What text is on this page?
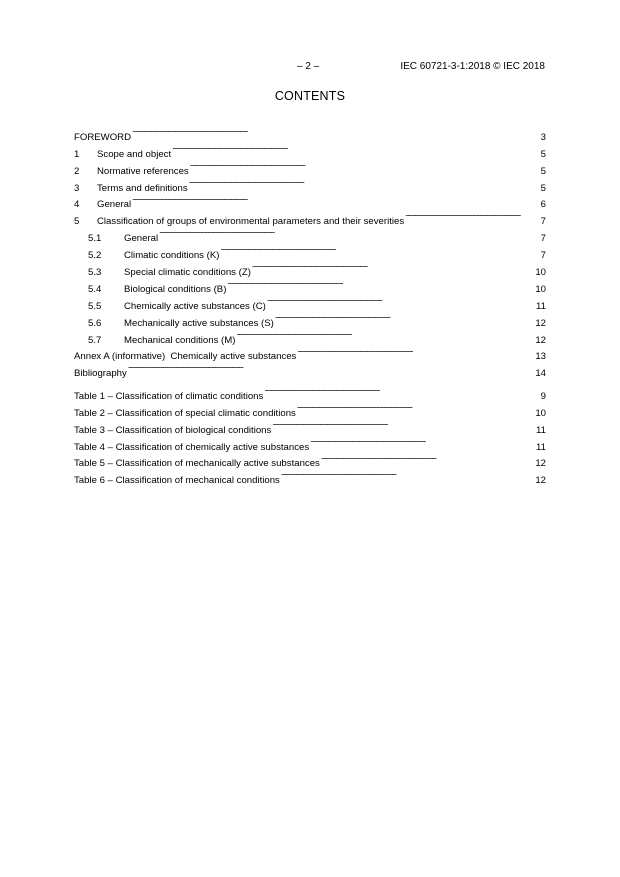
– 2 –	IEC 60721-3-1:2018 © IEC 2018
CONTENTS
FOREWORD . . .	3
1	Scope and object . . .	5
2	Normative references . . .	5
3	Terms and definitions . . .	5
4	General . . .	6
5	Classification of groups of environmental parameters and their severities . . .	7
5.1	General . . .	7
5.2	Climatic conditions (K) . . .	7
5.3	Special climatic conditions (Z) . . .	10
5.4	Biological conditions (B) . . .	10
5.5	Chemically active substances (C) . . .	11
5.6	Mechanically active substances (S) . . .	12
5.7	Mechanical conditions (M) . . .	12
Annex A (informative)  Chemically active substances . . .	13
Bibliography . . .	14
Table 1 – Classification of climatic conditions . . .	9
Table 2 – Classification of special climatic conditions . . .	10
Table 3 – Classification of biological conditions . . .	11
Table 4 – Classification of chemically active substances . . .	11
Table 5 – Classification of mechanically active substances . . .	12
Table 6 – Classification of mechanical conditions . . .	12
